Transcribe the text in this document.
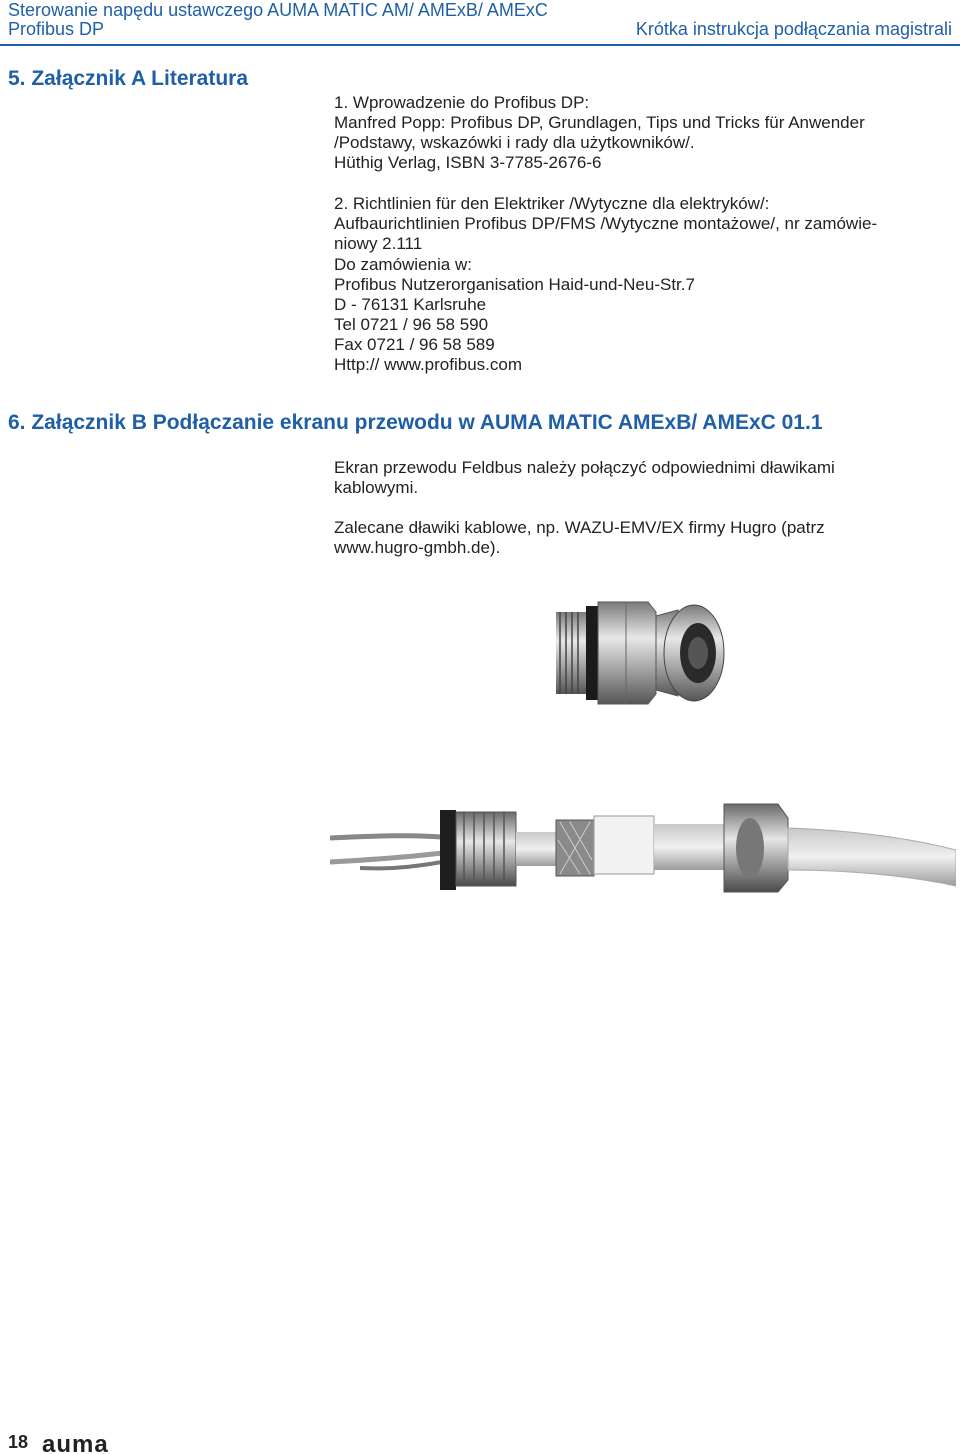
Sterowanie napędu ustawczego AUMA MATIC AM/ AMExB/ AMExC
Profibus DP	Krótka instrukcja podłączania magistrali
5. Załącznik A Literatura
1. Wprowadzenie do Profibus DP:
Manfred Popp: Profibus DP, Grundlagen, Tips und Tricks für Anwender
/Podstawy, wskazówki i rady dla użytkowników/.
Hüthig Verlag, ISBN 3-7785-2676-6
2. Richtlinien für den Elektriker /Wytyczne dla elektryków/:
Aufbaurichtlinien Profibus DP/FMS /Wytyczne montażowe/, nr zamówie-
niowy 2.111
Do zamówienia w:
Profibus Nutzerorganisation Haid-und-Neu-Str.7
D - 76131 Karlsruhe
Tel 0721 / 96 58 590
Fax 0721 / 96 58 589
Http:// www.profibus.com
6. Załącznik B Podłączanie ekranu przewodu w AUMA MATIC AMExB/ AMExC 01.1
Ekran przewodu Feldbus należy połączyć odpowiednimi dławikami
kablowymi.
Zalecane dławiki kablowe, np. WAZU-EMV/EX firmy Hugro (patrz
www.hugro-gmbh.de).
18 auma
